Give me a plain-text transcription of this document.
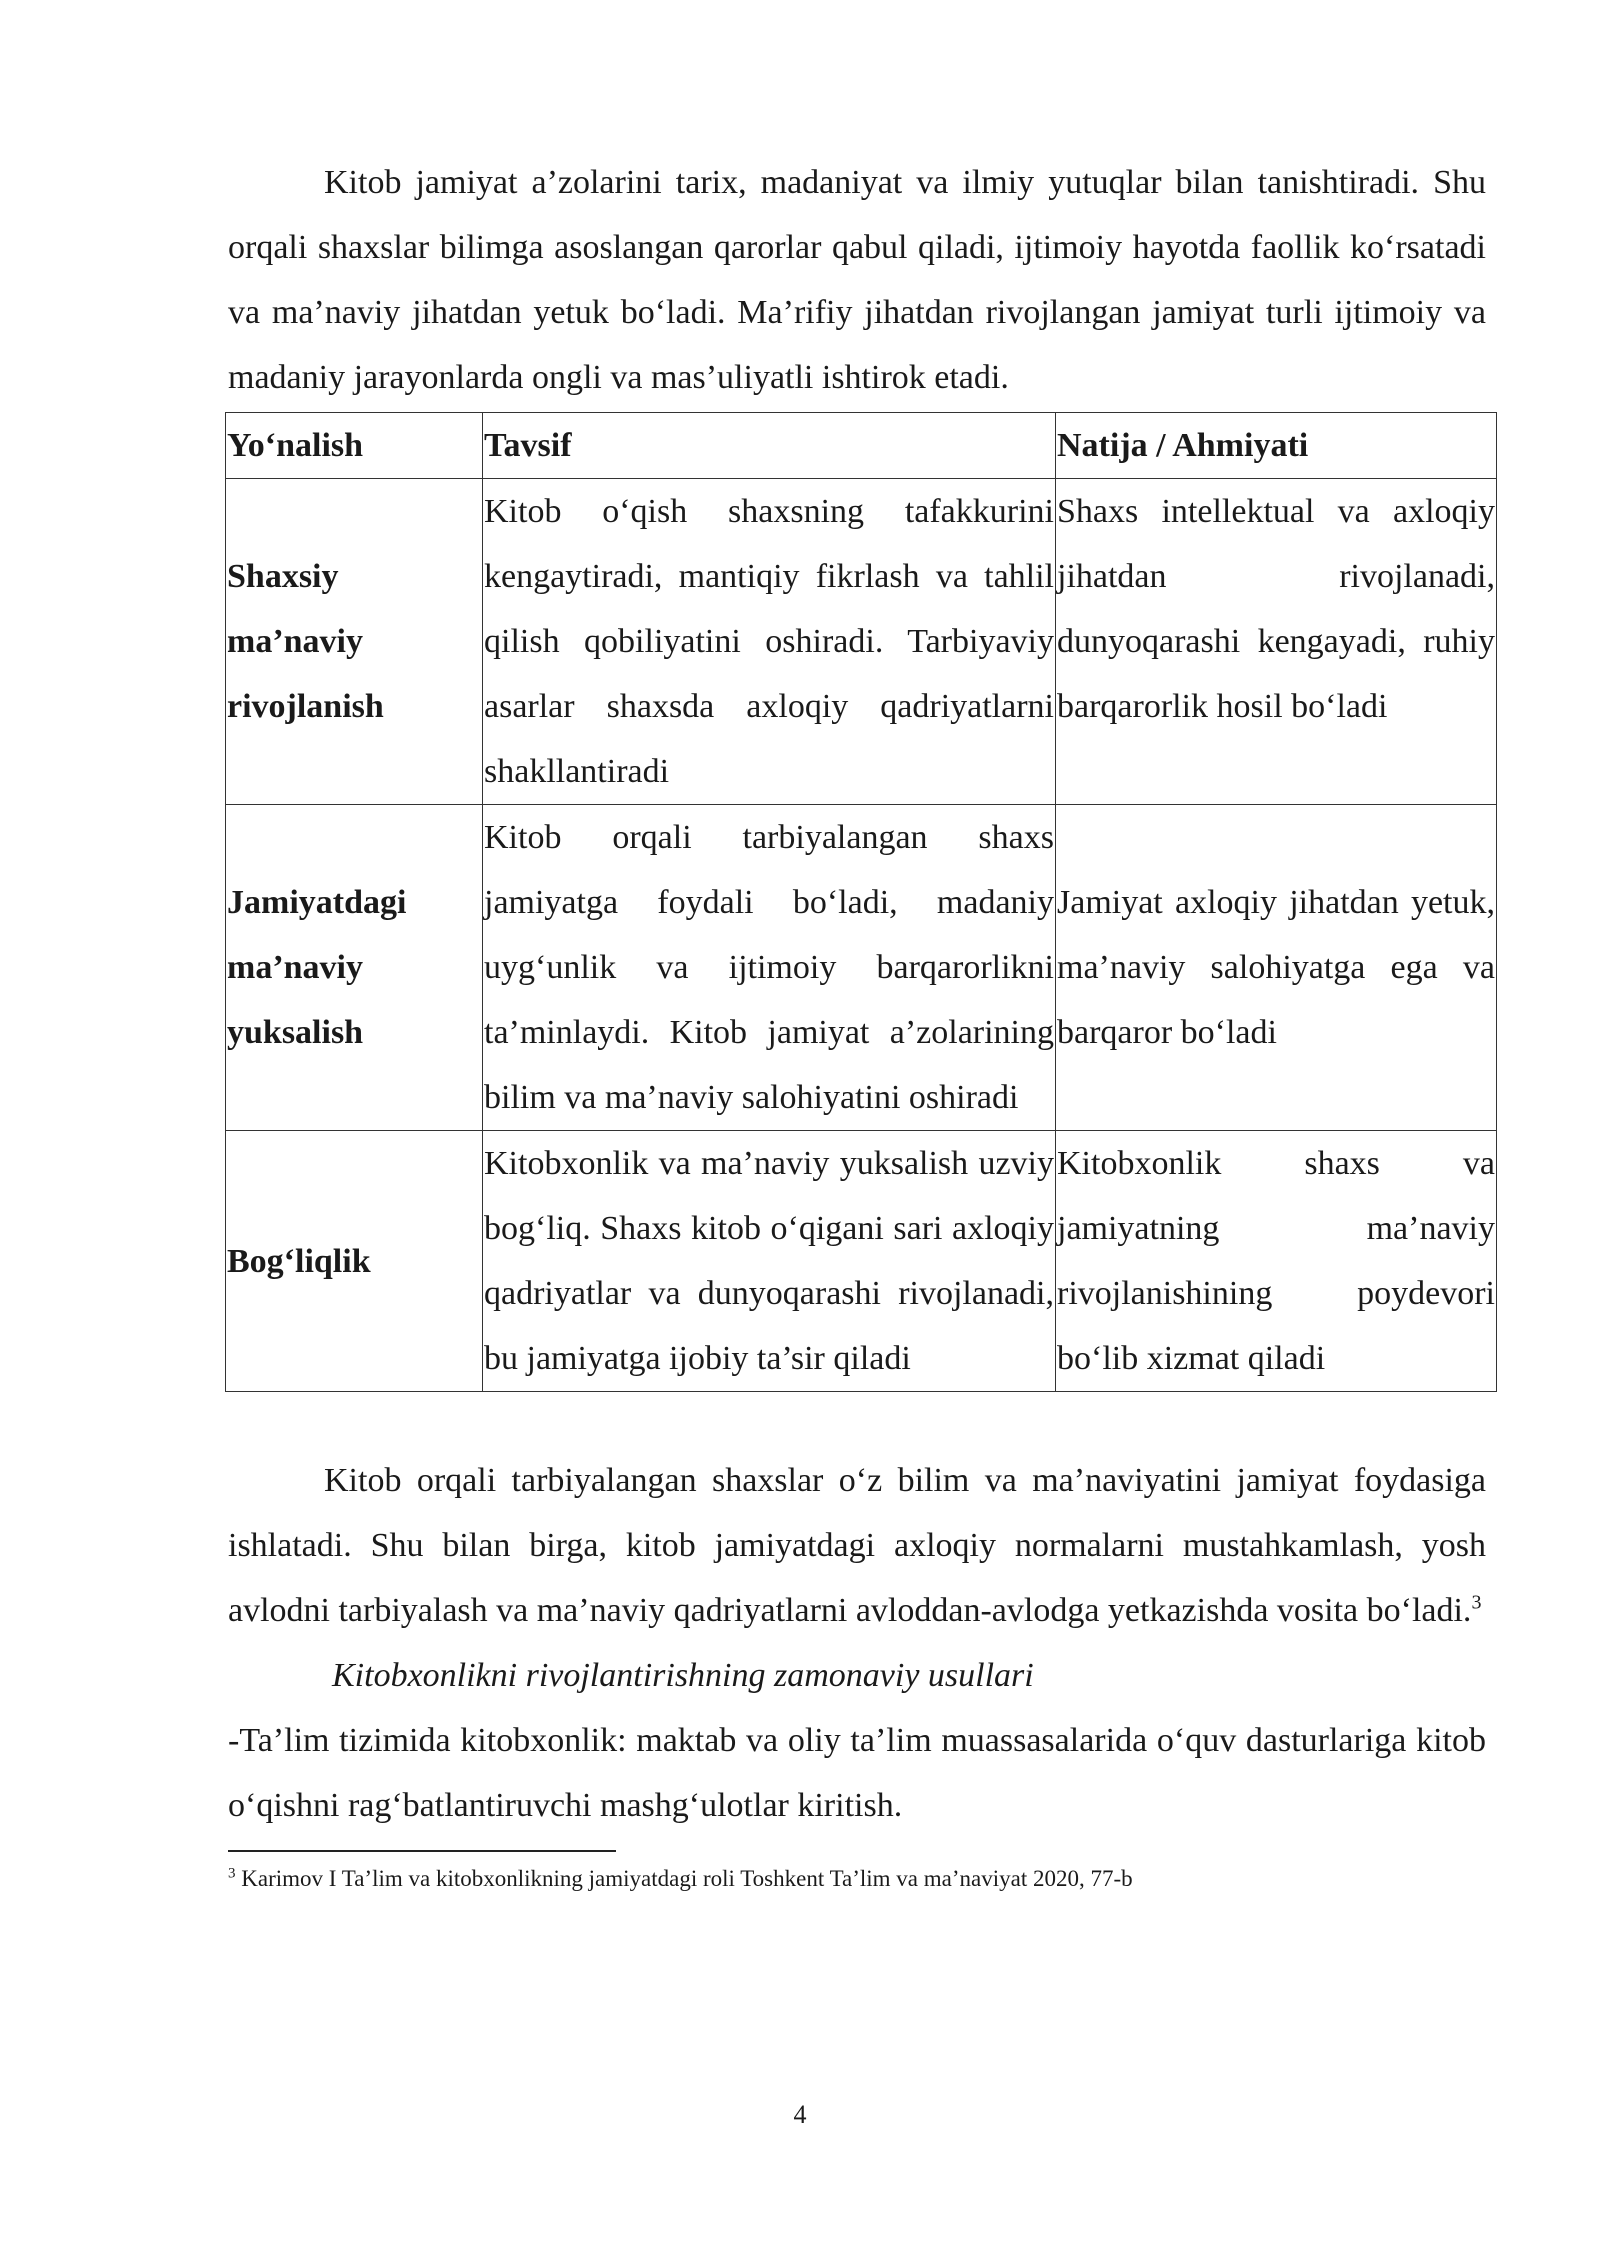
Kitob jamiyat a’zolarini tarix, madaniyat va ilmiy yutuqlar bilan tanishtiradi. Shu orqali shaxslar bilimga asoslangan qarorlar qabul qiladi, ijtimoiy hayotda faollik ko‘rsatadi va ma’naviy jihatdan yetuk bo‘ladi. Ma’rifiy jihatdan rivojlangan jamiyat turli ijtimoiy va madaniy jarayonlarda ongli va mas’uliyatli ishtirok etadi.

Yo‘nalish	Tavsif	Natija / Ahmiyati
Shaxsiy ma’naviy rivojlanish	Kitob o‘qish shaxsning tafakkurini kengaytiradi, mantiqiy fikrlash va tahlil qilish qobiliyatini oshiradi. Tarbiyaviy asarlar shaxsda axloqiy qadriyatlarni shakllantiradi	Shaxs intellektual va axloqiy jihatdan rivojlanadi, dunyoqarashi kengayadi, ruhiy barqarorlik hosil bo‘ladi
Jamiyatdagi ma’naviy yuksalish	Kitob orqali tarbiyalangan shaxs jamiyatga foydali bo‘ladi, madaniy uyg‘unlik va ijtimoiy barqarorlikni ta’minlaydi. Kitob jamiyat a’zolarining bilim va ma’naviy salohiyatini oshiradi	Jamiyat axloqiy jihatdan yetuk, ma’naviy salohiyatga ega va barqaror bo‘ladi
Bog‘liqlik	Kitobxonlik va ma’naviy yuksalish uzviy bog‘liq. Shaxs kitob o‘qigani sari axloqiy qadriyatlar va dunyoqarashi rivojlanadi, bu jamiyatga ijobiy ta’sir qiladi	Kitobxonlik shaxs va jamiyatning ma’naviy rivojlanishining poydevori bo‘lib xizmat qiladi

Kitob orqali tarbiyalangan shaxslar o‘z bilim va ma’naviyatini jamiyat foydasiga ishlatadi. Shu bilan birga, kitob jamiyatdagi axloqiy normalarni mustahkamlash, yosh avlodni tarbiyalash va ma’naviy qadriyatlarni avloddan-avlodga yetkazishda vosita bo‘ladi.$^3$

Kitobxonlikni rivojlantirishning zamonaviy usullari

-Ta’lim tizimida kitobxonlik: maktab va oliy ta’lim muassasalarida o‘quv dasturlariga kitob o‘qishni rag‘batlantiruvchi mashg‘ulotlar kiritish.

$^3$ Karimov I Ta’lim va kitobxonlikning jamiyatdagi roli Toshkent Ta’lim va ma’naviyat 2020, 77-b

4
